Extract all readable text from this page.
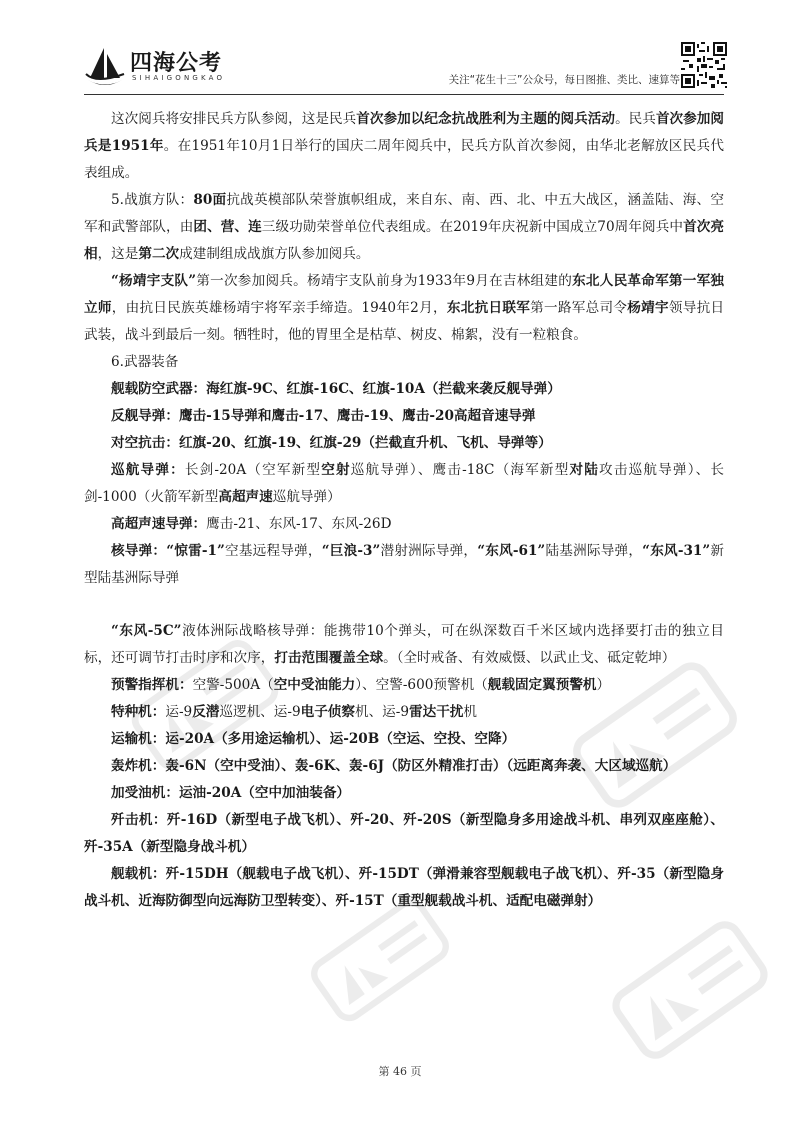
四海公考
SIHAIGONGKAO	关注“花生十三”公众号，每日图推、类比、速算等

这次阅兵将安排民兵方队参阅，这是民兵首次参加以纪念抗战胜利为主题的阅兵活动。民兵首次参加阅兵是1951年。在1951年10月1日举行的国庆二周年阅兵中，民兵方队首次参阅，由华北老解放区民兵代表组成。

5.战旗方队：80面抗战英模部队荣誉旗帜组成，来自东、南、西、北、中五大战区，涵盖陆、海、空军和武警部队，由团、营、连三级功勋荣誉单位代表组成。在2019年庆祝新中国成立70周年阅兵中首次亮相，这是第二次成建制组成战旗方队参加阅兵。

“杨靖宇支队”第一次参加阅兵。杨靖宇支队前身为1933年9月在吉林组建的东北人民革命军第一军独立师，由抗日民族英雄杨靖宇将军亲手缔造。1940年2月，东北抗日联军第一路军总司令杨靖宇领导抗日武装，战斗到最后一刻。牺牲时，他的胃里全是枯草、树皮、棉絮，没有一粒粮食。

6.武器装备

舰载防空武器：海红旗-9C、红旗-16C、红旗-10A（拦截来袭反舰导弹）

反舰导弹：鹰击-15导弹和鹰击-17、鹰击-19、鹰击-20高超音速导弹

对空抗击：红旗-20、红旗-19、红旗-29（拦截直升机、飞机、导弹等）

巡航导弹：长剑-20A（空军新型空射巡航导弹）、鹰击-18C（海军新型对陆攻击巡航导弹）、长剑-1000（火箭军新型高超声速巡航导弹）

高超声速导弹：鹰击-21、东风-17、东风-26D

核导弹：“惊雷-1”空基远程导弹，“巨浪-3”潜射洲际导弹，“东风-61”陆基洲际导弹，“东风-31”新型陆基洲际导弹

“东风-5C”液体洲际战略核导弹：能携带10个弹头，可在纵深数百千米区域内选择要打击的独立目标，还可调节打击时序和次序，打击范围覆盖全球。（全时戒备、有效威慑、以武止戈、砥定乾坤）

预警指挥机：空警-500A（空中受油能力）、空警-600预警机（舰载固定翼预警机）

特种机：运-9反潜巡逻机、运-9电子侦察机、运-9雷达干扰机

运输机：运-20A（多用途运输机）、运-20B（空运、空投、空降）

轰炸机：轰-6N（空中受油）、轰-6K、轰-6J（防区外精准打击）（远距离奔袭、大区域巡航）

加受油机：运油-20A（空中加油装备）

歼击机：歼-16D（新型电子战飞机）、歼-20、歼-20S（新型隐身多用途战斗机、串列双座座舱）、歼-35A（新型隐身战斗机）

舰载机：歼-15DH（舰载电子战飞机）、歼-15DT（弹滑兼容型舰载电子战飞机）、歼-35（新型隐身战斗机、近海防御型向远海防卫型转变）、歼-15T（重型舰载战斗机、适配电磁弹射）

第 46 页
